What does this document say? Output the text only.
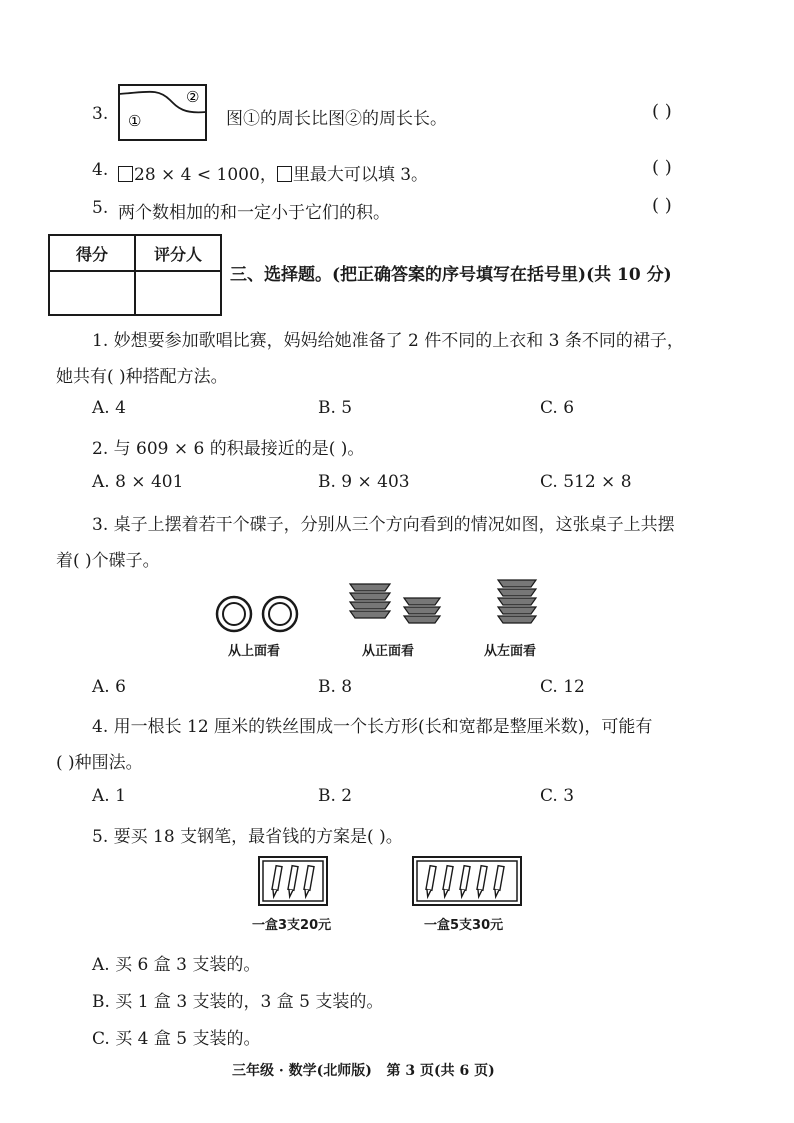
3. ①
②
图①的周长比图②的周长长。	( )
4.	28 × 4 < 1000， 里最大可以填 3。	( )
5. 两个数相加的和一定小于它们的积。	( )
得分	评分人

三、选择题。(把正确答案的序号填写在括号里)(共 10 分)
1. 妙想要参加歌唱比赛，妈妈给她准备了 2 件不同的上衣和 3 条不同的裙子，
她共有( )种搭配方法。
A. 4	B. 5	C. 6
2. 与 609 × 6 的积最接近的是( )。
A. 8 × 401	B. 9 × 403	C. 512 × 8
3. 桌子上摆着若干个碟子，分别从三个方向看到的情况如图，这张桌子上共摆
着( )个碟子。
从上面看	从正面看	从左面看
A. 6	B. 8	C. 12
4. 用一根长 12 厘米的铁丝围成一个长方形(长和宽都是整厘米数)，可能有
( )种围法。
A. 1	B. 2	C. 3
5. 要买 18 支钢笔，最省钱的方案是( )。
一盒3支20元	一盒5支30元
A. 买 6 盒 3 支装的。
B. 买 1 盒 3 支装的，3 盒 5 支装的。
C. 买 4 盒 5 支装的。
三年级 · 数学(北师版)   第 3 页(共 6 页)
